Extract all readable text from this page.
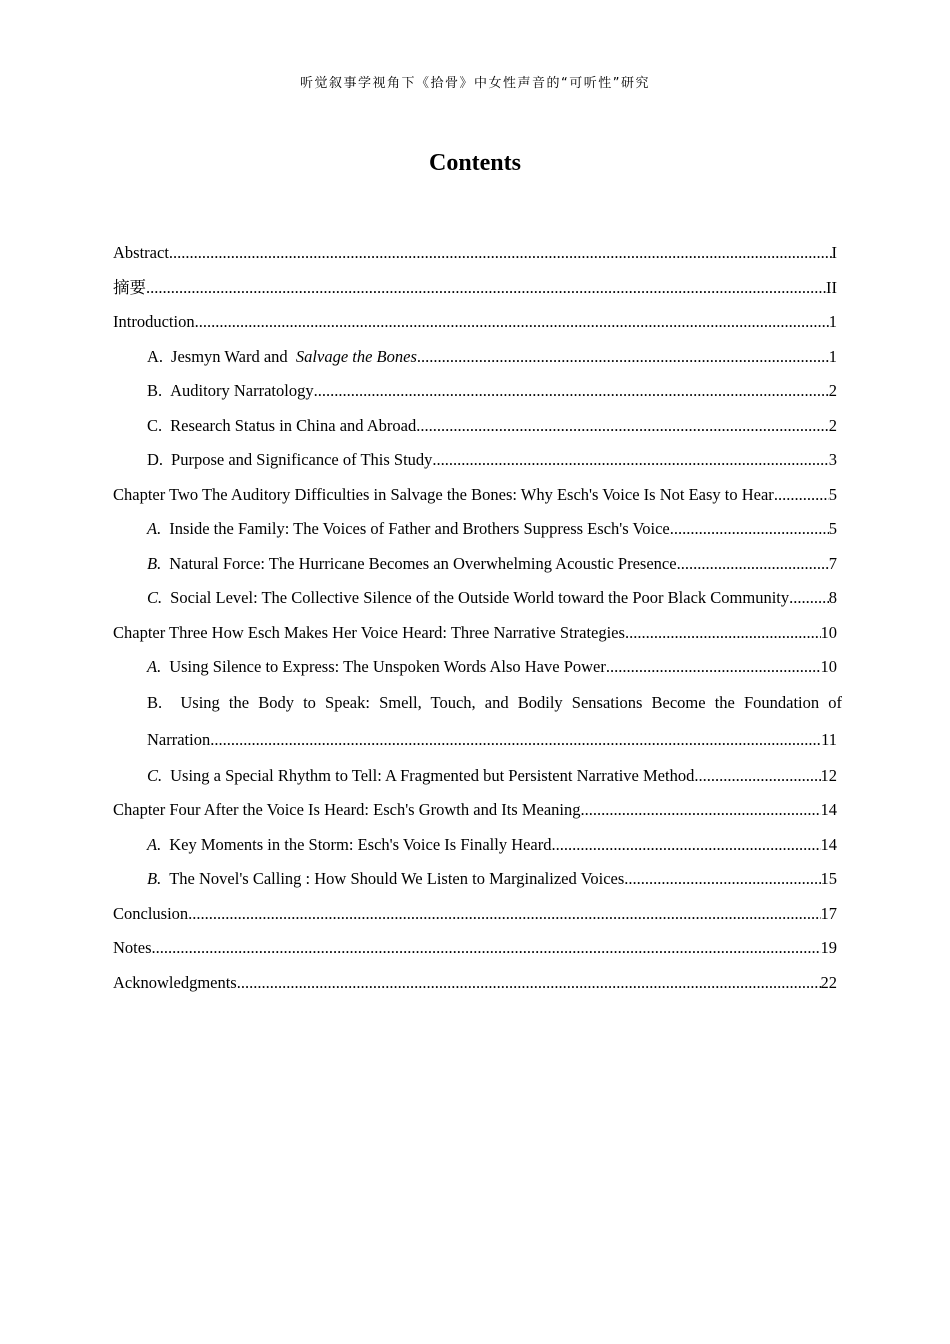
听觉叙事学视角下《拾骨》中女性声音的“可听性”研究
Contents
Abstract .....	I
摘要 .....	II
Introduction .....	1
A. Jesmyn Ward and Salvage the Bones .....	1
B. Auditory Narratology .....	2
C. Research Status in China and Abroad .....	2
D. Purpose and Significance of This Study .....	3
Chapter Two The Auditory Difficulties in Salvage the Bones: Why Esch's Voice Is Not Easy to Hear .....	5
A. Inside the Family: The Voices of Father and Brothers Suppress Esch's Voice .....	5
B. Natural Force: The Hurricane Becomes an Overwhelming Acoustic Presence .....	7
C. Social Level: The Collective Silence of the Outside World toward the Poor Black Community ..... 8
Chapter Three How Esch Makes Her Voice Heard: Three Narrative Strategies .....	10
A. Using Silence to Express: The Unspoken Words Also Have Power .....	10
B. Using the Body to Speak: Smell, Touch, and Bodily Sensations Become the Foundation of
Narration .....	11
C. Using a Special Rhythm to Tell: A Fragmented but Persistent Narrative Method .....	12
Chapter Four After the Voice Is Heard: Esch's Growth and Its Meaning .....	14
A. Key Moments in the Storm: Esch's Voice Is Finally Heard .....	14
B. The Novel's Calling : How Should We Listen to Marginalized Voices .....	15
Conclusion .....	17
Notes .....	19
Acknowledgments .....	22
